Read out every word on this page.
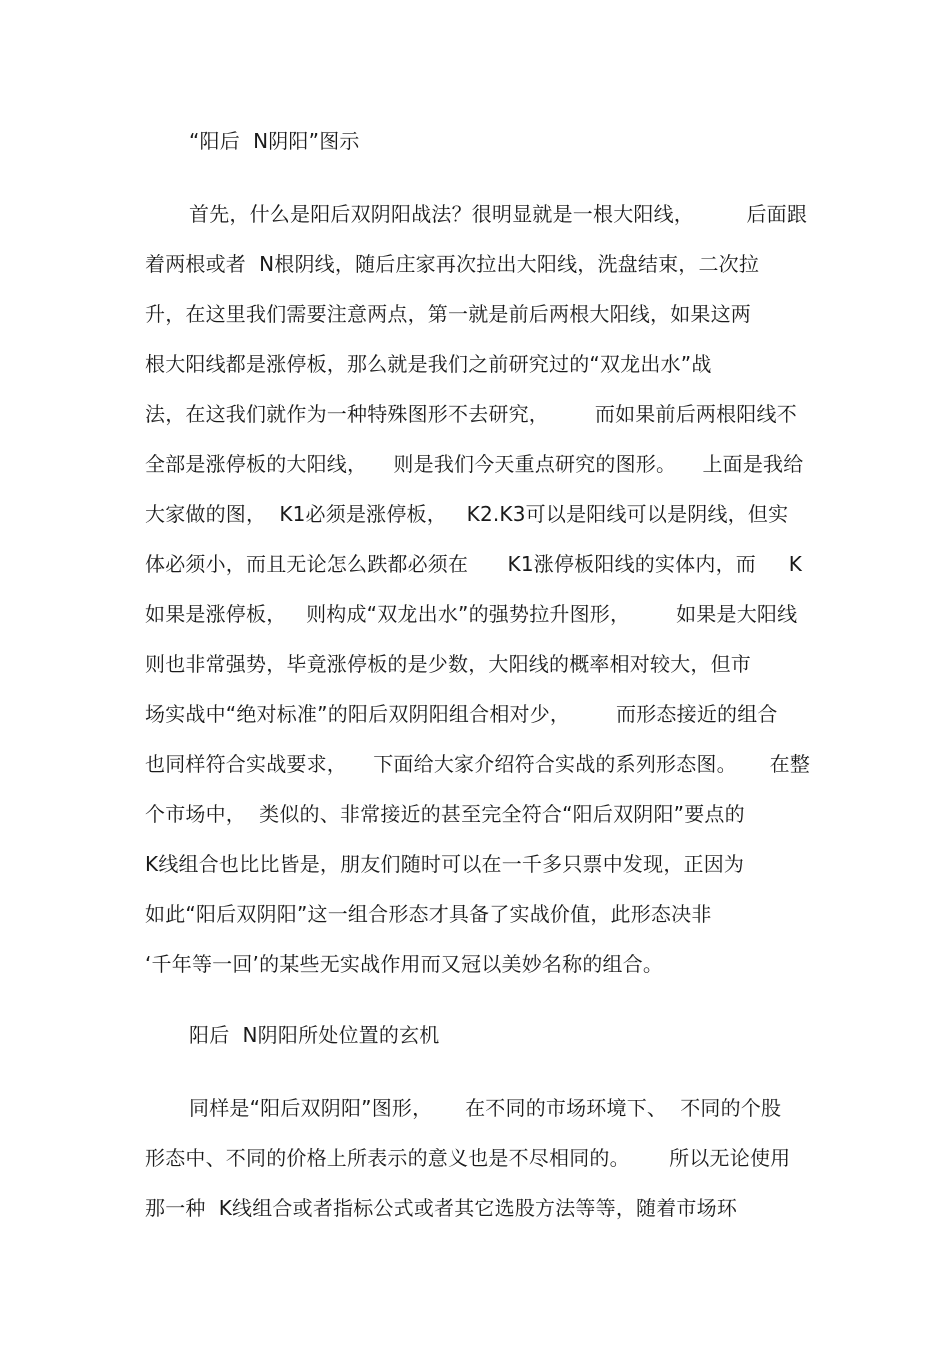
“阳后  N阴阳”图示
首先，什么是阳后双阴阳战法？很明显就是一根大阳线，        后面跟
着两根或者  N根阴线，随后庄家再次拉出大阳线，洗盘结束，二次拉
升，在这里我们需要注意两点，第一就是前后两根大阳线，如果这两
根大阳线都是涨停板，那么就是我们之前研究过的“双龙出水”战
法，在这我们就作为一种特殊图形不去研究，       而如果前后两根阳线不
全部是涨停板的大阳线，    则是我们今天重点研究的图形。    上面是我给
大家做的图，  K1必须是涨停板，   K2.K3可以是阳线可以是阴线，但实
体必须小，而且无论怎么跌都必须在      K1涨停板阳线的实体内，而     K
如果是涨停板，   则构成“双龙出水”的强势拉升图形，       如果是大阳线
则也非常强势，毕竟涨停板的是少数，大阳线的概率相对较大，但市
场实战中“绝对标准”的阳后双阴阳组合相对少，       而形态接近的组合
也同样符合实战要求，    下面给大家介绍符合实战的系列形态图。     在整
个市场中，  类似的、非常接近的甚至完全符合“阳后双阴阳”要点的
K线组合也比比皆是，朋友们随时可以在一千多只票中发现，正因为
如此“阳后双阴阳”这一组合形态才具备了实战价值，此形态决非
‘千年等一回’的某些无实战作用而又冠以美妙名称的组合。
阳后  N阴阳所处位置的玄机
同样是“阳后双阴阳”图形，     在不同的市场环境下、  不同的个股
形态中、不同的价格上所表示的意义也是不尽相同的。      所以无论使用
那一种  K线组合或者指标公式或者其它选股方法等等，随着市场环
